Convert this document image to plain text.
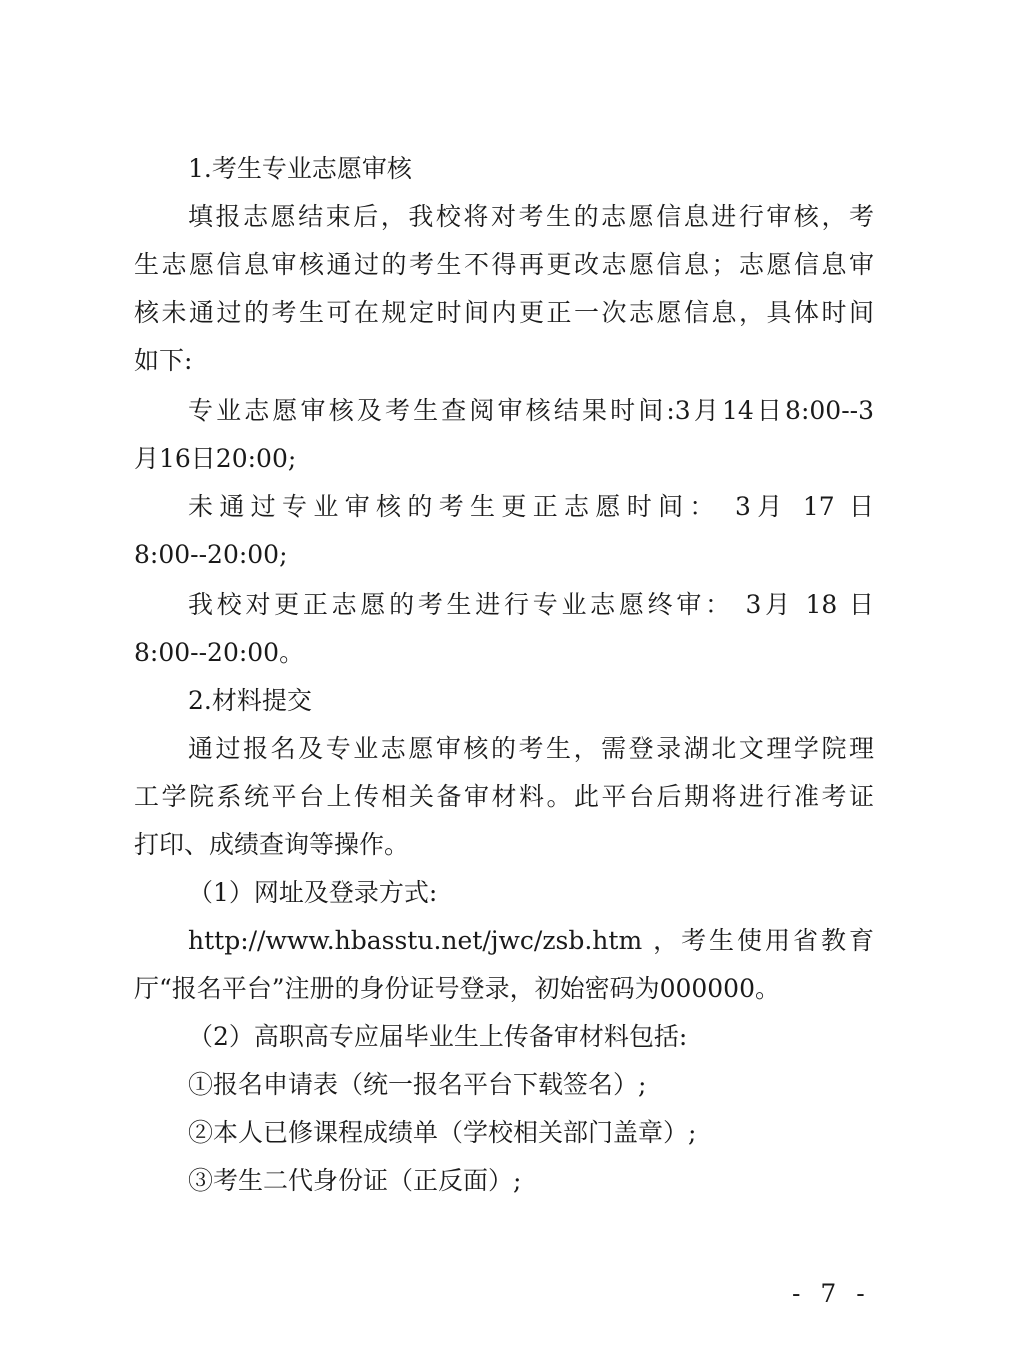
1.考生专业志愿审核
填报志愿结束后，我校将对考生的志愿信息进行审核，考
生志愿信息审核通过的考生不得再更改志愿信息；志愿信息审
核未通过的考生可在规定时间内更正一次志愿信息，具体时间
如下:
专业志愿审核及考生查阅审核结果时间:3月14日8:00--3
月16日20:00;
未通过专业审核的考生更正志愿时间： 3月 17 日
8:00--20:00;
我校对更正志愿的考生进行专业志愿终审： 3月 18 日
8:00--20:00。
2.材料提交
通过报名及专业志愿审核的考生，需登录湖北文理学院理
工学院系统平台上传相关备审材料。此平台后期将进行准考证
打印、成绩查询等操作。
（1）网址及登录方式:
http://www.hbasstu.net/jwc/zsb.htm ，考生使用省教育
厅“报名平台”注册的身份证号登录，初始密码为000000。
（2）高职高专应届毕业生上传备审材料包括:
①报名申请表（统一报名平台下载签名）;
②本人已修课程成绩单（学校相关部门盖章）;
③考生二代身份证（正反面）;
- 7 -
